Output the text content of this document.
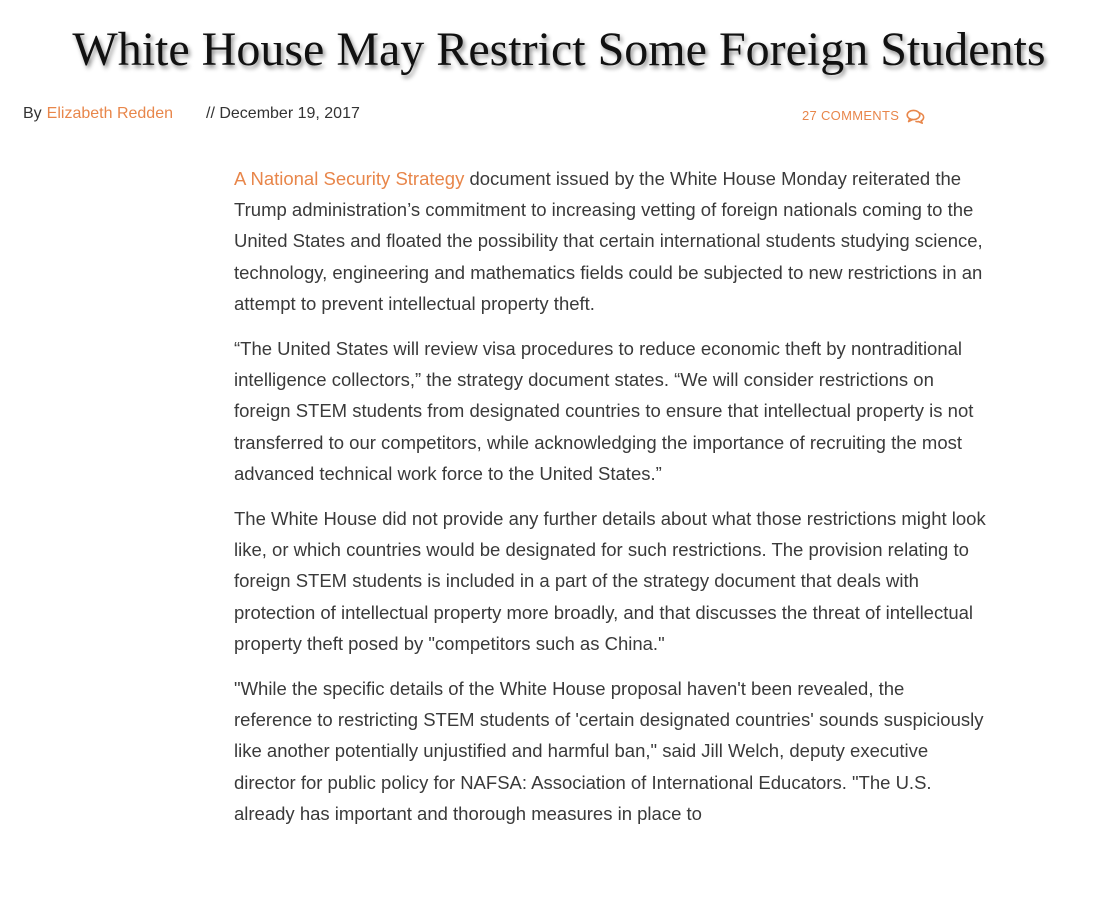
White House May Restrict Some Foreign Students
By Elizabeth Redden // December 19, 2017	27 COMMENTS

A National Security Strategy document issued by the White House Monday reiterated the Trump administration’s commitment to increasing vetting of foreign nationals coming to the United States and floated the possibility that certain international students studying science, technology, engineering and mathematics fields could be subjected to new restrictions in an attempt to prevent intellectual property theft.

“The United States will review visa procedures to reduce economic theft by nontraditional intelligence collectors,” the strategy document states. “We will consider restrictions on foreign STEM students from designated countries to ensure that intellectual property is not transferred to our competitors, while acknowledging the importance of recruiting the most advanced technical work force to the United States.”

The White House did not provide any further details about what those restrictions might look like, or which countries would be designated for such restrictions. The provision relating to foreign STEM students is included in a part of the strategy document that deals with protection of intellectual property more broadly, and that discusses the threat of intellectual property theft posed by "competitors such as China."

"While the specific details of the White House proposal haven't been revealed, the reference to restricting STEM students of 'certain designated countries' sounds suspiciously like another potentially unjustified and harmful ban," said Jill Welch, deputy executive director for public policy for NAFSA: Association of International Educators. "The U.S. already has important and thorough measures in place to
